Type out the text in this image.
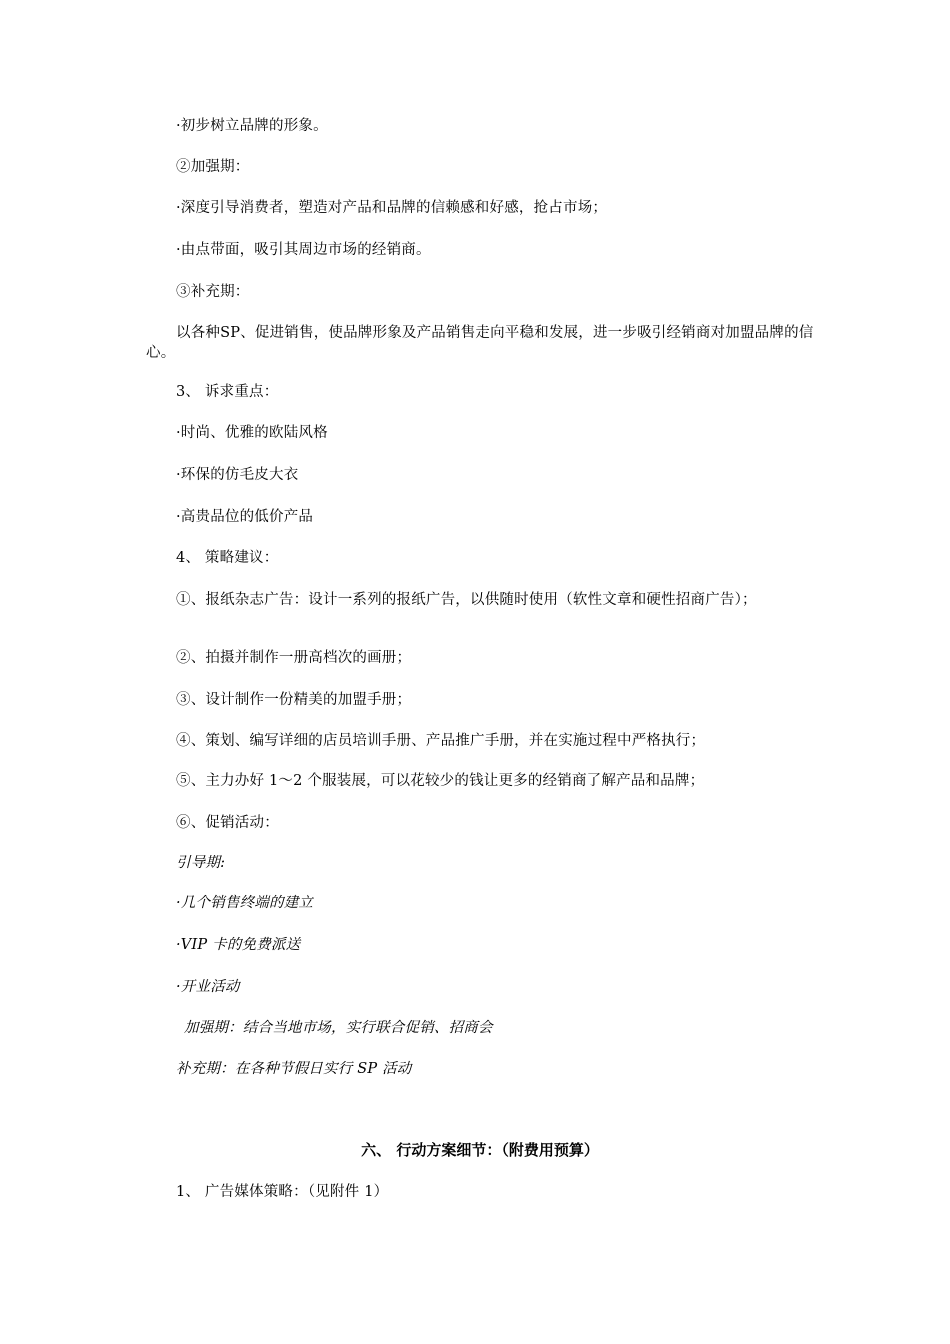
·初步树立品牌的形象。
②加强期：
·深度引导消费者，塑造对产品和品牌的信赖感和好感，抢占市场；
·由点带面，吸引其周边市场的经销商。
③补充期：
以各种SP、促进销售，使品牌形象及产品销售走向平稳和发展，进一步吸引经销商对加盟品牌的信心。
3、 诉求重点：
·时尚、优雅的欧陆风格
·环保的仿毛皮大衣
·高贵品位的低价产品
4、 策略建议：
①、报纸杂志广告：设计一系列的报纸广告，以供随时使用（软性文章和硬性招商广告）；
②、拍摄并制作一册高档次的画册；
③、设计制作一份精美的加盟手册；
④、策划、编写详细的店员培训手册、产品推广手册，并在实施过程中严格执行；
⑤、主力办好 1～2 个服装展，可以花较少的钱让更多的经销商了解产品和品牌；
⑥、促销活动：
引导期:
·几个销售终端的建立
·VIP 卡的免费派送
·开业活动
加强期：结合当地市场，实行联合促销、招商会
补充期：在各种节假日实行 SP 活动
六、 行动方案细节：（附费用预算）
1、 广告媒体策略：（见附件 1）
